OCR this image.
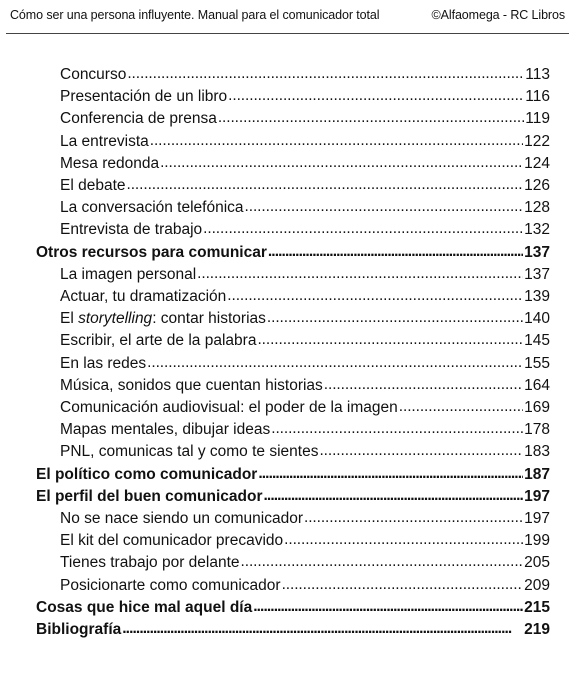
Cómo ser una persona influyente. Manual para el comunicador total	©Alfaomega - RC Libros
Concurso . . .	113
Presentación de un libro . . .	116
Conferencia de prensa . . .	119
La entrevista . . .	122
Mesa redonda . . .	124
El debate . . .	126
La conversación telefónica . . .	128
Entrevista de trabajo . . .	132
Otros recursos para comunicar . . .	137
La imagen personal . . .	137
Actuar, tu dramatización . . .	139
El storytelling: contar historias . . .	140
Escribir, el arte de la palabra . . .	145
En las redes . . .	155
Música, sonidos que cuentan historias . . .	164
Comunicación audiovisual: el poder de la imagen . . .	169
Mapas mentales, dibujar ideas . . .	178
PNL, comunicas tal y como te sientes . . .	183
El político como comunicador . . .	187
El perfil del buen comunicador . . .	197
No se nace siendo un comunicador . . .	197
El kit del comunicador precavido . . .	199
Tienes trabajo por delante . . .	205
Posicionarte como comunicador . . .	209
Cosas que hice mal aquel día . . .	215
Bibliografía . . .	219
